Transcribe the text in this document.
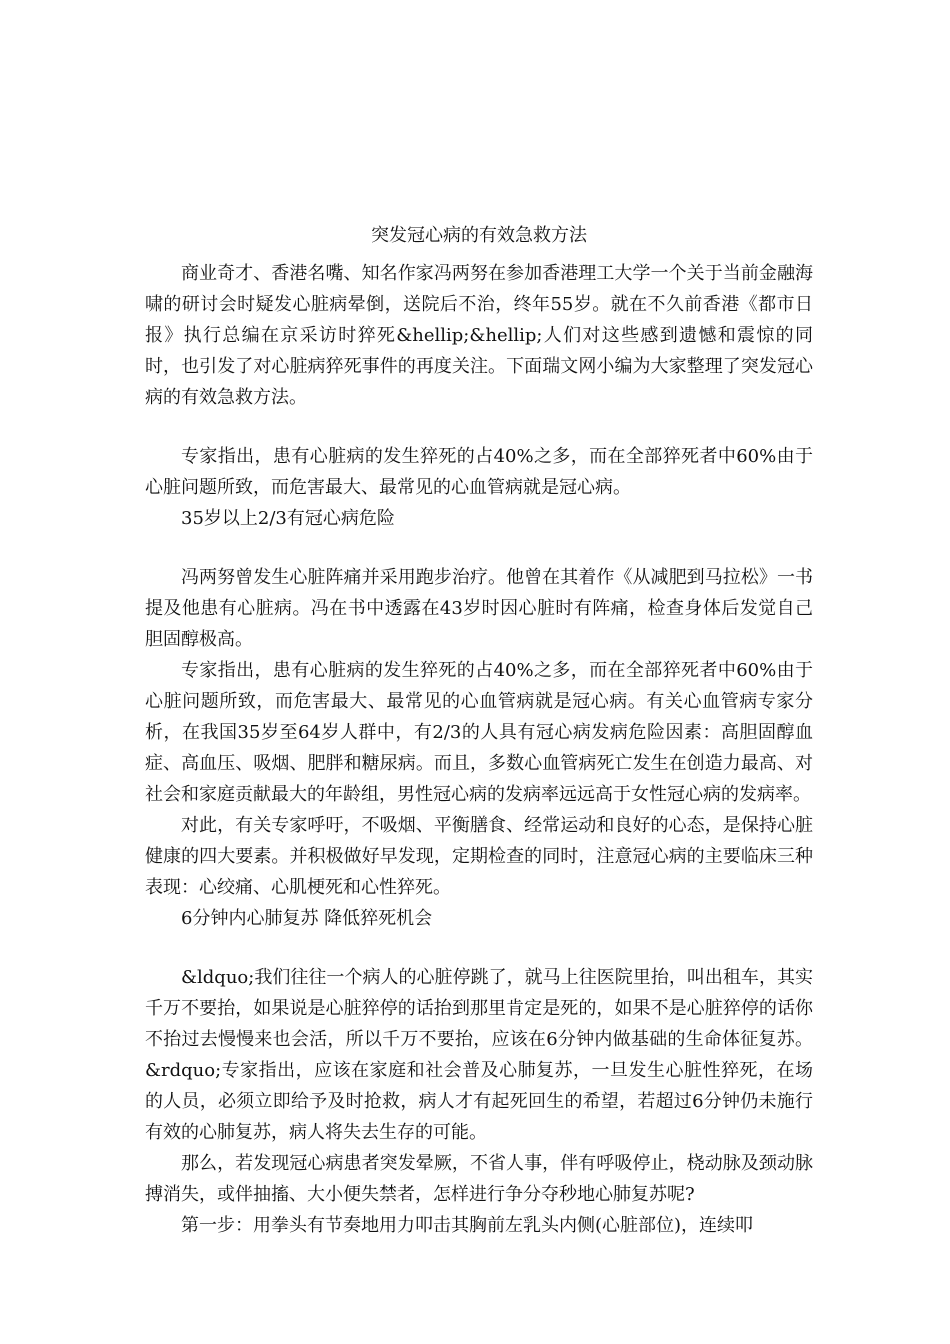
突发冠心病的有效急救方法

商业奇才、香港名嘴、知名作家冯两努在参加香港理工大学一个关于当前金融海啸的研讨会时疑发心脏病晕倒，送院后不治，终年55岁。就在不久前香港《都市日报》执行总编在京采访时猝死&hellip;&hellip;人们对这些感到遗憾和震惊的同时，也引发了对心脏病猝死事件的再度关注。下面瑞文网小编为大家整理了突发冠心病的有效急救方法。

专家指出，患有心脏病的发生猝死的占40%之多，而在全部猝死者中60%由于心脏问题所致，而危害最大、最常见的心血管病就是冠心病。

35岁以上2/3有冠心病危险

冯两努曾发生心脏阵痛并采用跑步治疗。他曾在其着作《从减肥到马拉松》一书提及他患有心脏病。冯在书中透露在43岁时因心脏时有阵痛，检查身体后发觉自己胆固醇极高。

专家指出，患有心脏病的发生猝死的占40%之多，而在全部猝死者中60%由于心脏问题所致，而危害最大、最常见的心血管病就是冠心病。有关心血管病专家分析，在我国35岁至64岁人群中，有2/3的人具有冠心病发病危险因素：高胆固醇血症、高血压、吸烟、肥胖和糖尿病。而且，多数心血管病死亡发生在创造力最高、对社会和家庭贡献最大的年龄组，男性冠心病的发病率远远高于女性冠心病的发病率。

对此，有关专家呼吁，不吸烟、平衡膳食、经常运动和良好的心态，是保持心脏健康的四大要素。并积极做好早发现，定期检查的同时，注意冠心病的主要临床三种表现：心绞痛、心肌梗死和心性猝死。

6分钟内心肺复苏 降低猝死机会

&ldquo;我们往往一个病人的心脏停跳了，就马上往医院里抬，叫出租车，其实千万不要抬，如果说是心脏猝停的话抬到那里肯定是死的，如果不是心脏猝停的话你不抬过去慢慢来也会活，所以千万不要抬，应该在6分钟内做基础的生命体征复苏。&rdquo;专家指出，应该在家庭和社会普及心肺复苏，一旦发生心脏性猝死，在场的人员，必须立即给予及时抢救，病人才有起死回生的希望，若超过6分钟仍未施行有效的心肺复苏，病人将失去生存的可能。

那么，若发现冠心病患者突发晕厥，不省人事，伴有呼吸停止，桡动脉及颈动脉搏消失，或伴抽搐、大小便失禁者，怎样进行争分夺秒地心肺复苏呢?

第一步：用拳头有节奏地用力叩击其胸前左乳头内侧(心脏部位)，连续叩
